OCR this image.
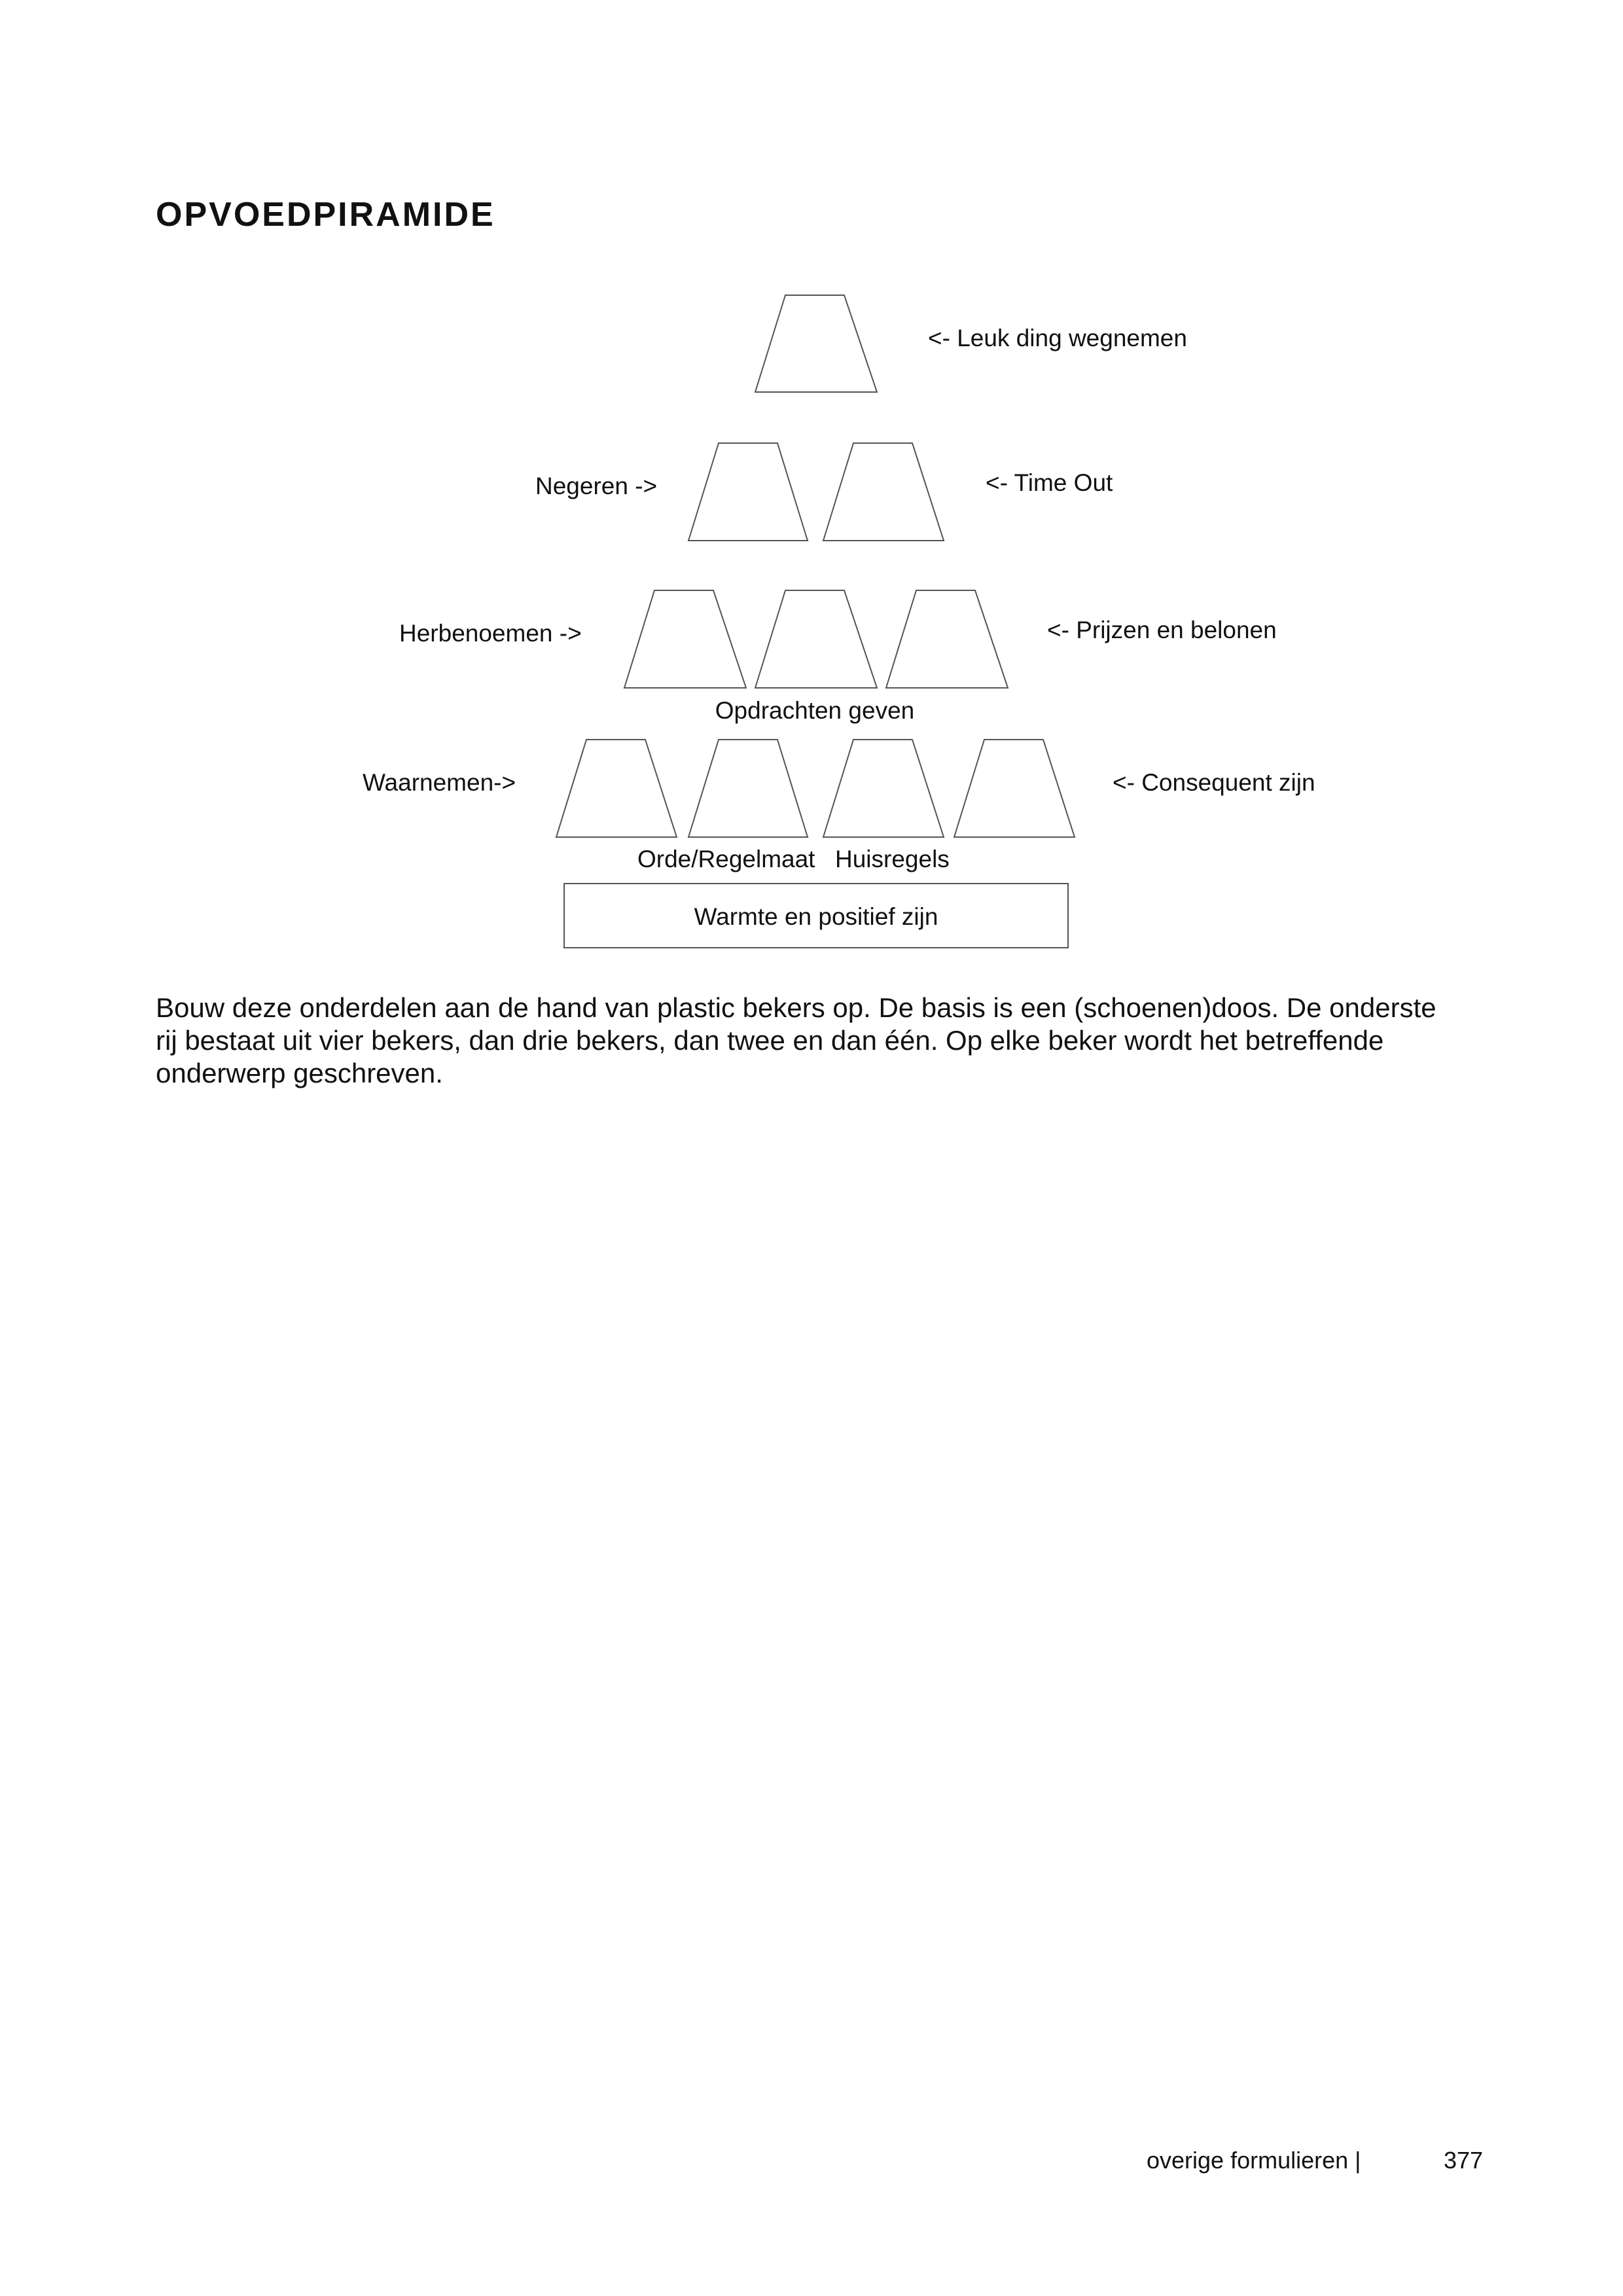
OPVOEDPIRAMIDE
<- Leuk ding wegnemen
Negeren ->	<- Time Out
Herbenoemen ->	<- Prijzen en belonen
Opdrachten geven
Waarnemen->	<- Consequent zijn
Orde/Regelmaat Huisregels
Warmte en positief zijn

Bouw deze onderdelen aan de hand van plastic bekers op. De basis is een (schoenen)doos. De onderste rij bestaat uit vier bekers, dan drie bekers, dan twee en dan één. Op elke beker wordt het betreffende onderwerp geschreven.

overige formulieren |	377
